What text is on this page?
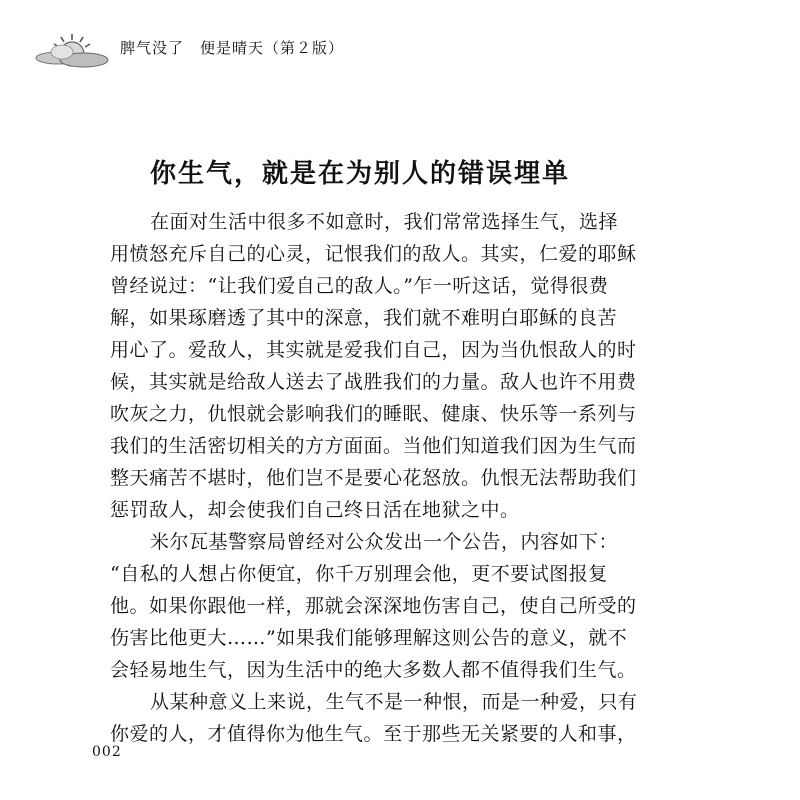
脾气没了　便是晴天（第２版）
你生气，就是在为别人的错误埋单
在面对生活中很多不如意时，我们常常选择生气，选择
用愤怒充斥自己的心灵，记恨我们的敌人。其实，仁爱的耶稣
曾经说过：“让我们爱自己的敌人。”乍一听这话，觉得很费
解，如果琢磨透了其中的深意，我们就不难明白耶稣的良苦
用心了。爱敌人，其实就是爱我们自己，因为当仇恨敌人的时
候，其实就是给敌人送去了战胜我们的力量。敌人也许不用费
吹灰之力，仇恨就会影响我们的睡眠、健康、快乐等一系列与
我们的生活密切相关的方方面面。当他们知道我们因为生气而
整天痛苦不堪时，他们岂不是要心花怒放。仇恨无法帮助我们
惩罚敌人，却会使我们自己终日活在地狱之中。
米尔瓦基警察局曾经对公众发出一个公告，内容如下：
“自私的人想占你便宜，你千万别理会他，更不要试图报复
他。如果你跟他一样，那就会深深地伤害自己，使自己所受的
伤害比他更大……”如果我们能够理解这则公告的意义，就不
会轻易地生气，因为生活中的绝大多数人都不值得我们生气。
从某种意义上来说，生气不是一种恨，而是一种爱，只有
你爱的人，才值得你为他生气。至于那些无关紧要的人和事，
002
